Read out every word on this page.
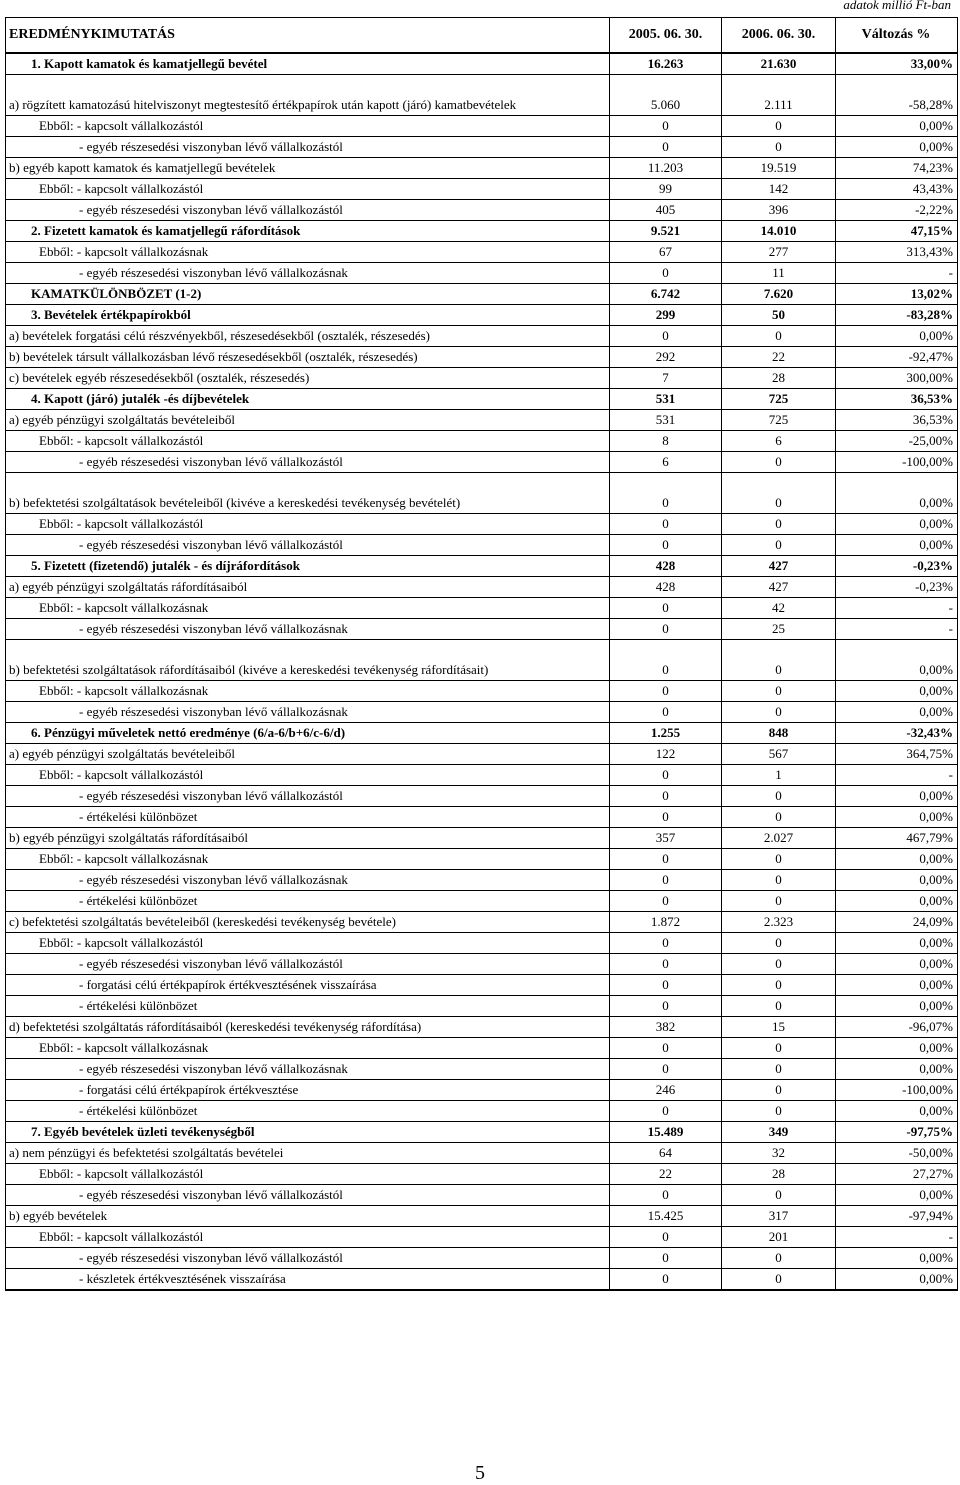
adatok millió Ft-ban
EREDMÉNYKIMUTATÁS	2005. 06. 30.	2006. 06. 30.	Változás %
1. Kapott kamatok és kamatjellegű bevétel	16.263	21.630	33,00%
a) rögzített kamatozású hitelviszonyt megtestesítő értékpapírok után kapott (járó) kamatbevételek	5.060	2.111	-58,28%
Ebből: - kapcsolt vállalkozástól	0	0	0,00%
- egyéb részesedési viszonyban lévő vállalkozástól	0	0	0,00%
b) egyéb kapott kamatok és kamatjellegű bevételek	11.203	19.519	74,23%
Ebből: - kapcsolt vállalkozástól	99	142	43,43%
- egyéb részesedési viszonyban lévő vállalkozástól	405	396	-2,22%
2. Fizetett kamatok és kamatjellegű ráfordítások	9.521	14.010	47,15%
Ebből: - kapcsolt vállalkozásnak	67	277	313,43%
- egyéb részesedési viszonyban lévő vállalkozásnak	0	11	-
KAMATKÜLÖNBÖZET (1-2)	6.742	7.620	13,02%
3. Bevételek értékpapírokból	299	50	-83,28%
a) bevételek forgatási célú részvényekből, részesedésekből (osztalék, részesedés)	0	0	0,00%
b) bevételek társult vállalkozásban lévő részesedésekből (osztalék, részesedés)	292	22	-92,47%
c) bevételek egyéb részesedésekből (osztalék, részesedés)	7	28	300,00%
4. Kapott (járó) jutalék -és díjbevételek	531	725	36,53%
a) egyéb pénzügyi szolgáltatás bevételeiből	531	725	36,53%
Ebből: - kapcsolt vállalkozástól	8	6	-25,00%
- egyéb részesedési viszonyban lévő vállalkozástól	6	0	-100,00%
b) befektetési szolgáltatások bevételeiből (kivéve a kereskedési tevékenység bevételét)	0	0	0,00%
Ebből: - kapcsolt vállalkozástól	0	0	0,00%
- egyéb részesedési viszonyban lévő vállalkozástól	0	0	0,00%
5. Fizetett (fizetendő) jutalék - és díjráfordítások	428	427	-0,23%
a) egyéb pénzügyi szolgáltatás ráfordításaiból	428	427	-0,23%
Ebből: - kapcsolt vállalkozásnak	0	42	-
- egyéb részesedési viszonyban lévő vállalkozásnak	0	25	-
b) befektetési szolgáltatások ráfordításaiból (kivéve a kereskedési tevékenység ráfordításait)	0	0	0,00%
Ebből: - kapcsolt vállalkozásnak	0	0	0,00%
- egyéb részesedési viszonyban lévő vállalkozásnak	0	0	0,00%
6. Pénzügyi műveletek nettó eredménye (6/a-6/b+6/c-6/d)	1.255	848	-32,43%
a) egyéb pénzügyi szolgáltatás bevételeiből	122	567	364,75%
Ebből: - kapcsolt vállalkozástól	0	1	-
- egyéb részesedési viszonyban lévő vállalkozástól	0	0	0,00%
- értékelési különbözet	0	0	0,00%
b) egyéb pénzügyi szolgáltatás ráfordításaiból	357	2.027	467,79%
Ebből: - kapcsolt vállalkozásnak	0	0	0,00%
- egyéb részesedési viszonyban lévő vállalkozásnak	0	0	0,00%
- értékelési különbözet	0	0	0,00%
c) befektetési szolgáltatás bevételeiből (kereskedési tevékenység bevétele)	1.872	2.323	24,09%
Ebből: - kapcsolt vállalkozástól	0	0	0,00%
- egyéb részesedési viszonyban lévő vállalkozástól	0	0	0,00%
- forgatási célú értékpapírok értékvesztésének visszaírása	0	0	0,00%
- értékelési különbözet	0	0	0,00%
d) befektetési szolgáltatás ráfordításaiból (kereskedési tevékenység ráfordítása)	382	15	-96,07%
Ebből: - kapcsolt vállalkozásnak	0	0	0,00%
- egyéb részesedési viszonyban lévő vállalkozásnak	0	0	0,00%
- forgatási célú értékpapírok értékvesztése	246	0	-100,00%
- értékelési különbözet	0	0	0,00%
7. Egyéb bevételek üzleti tevékenységből	15.489	349	-97,75%
a) nem pénzügyi és befektetési szolgáltatás bevételei	64	32	-50,00%
Ebből: - kapcsolt vállalkozástól	22	28	27,27%
- egyéb részesedési viszonyban lévő vállalkozástól	0	0	0,00%
b) egyéb bevételek	15.425	317	-97,94%
Ebből: - kapcsolt vállalkozástól	0	201	-
- egyéb részesedési viszonyban lévő vállalkozástól	0	0	0,00%
- készletek értékvesztésének visszaírása	0	0	0,00%
5
